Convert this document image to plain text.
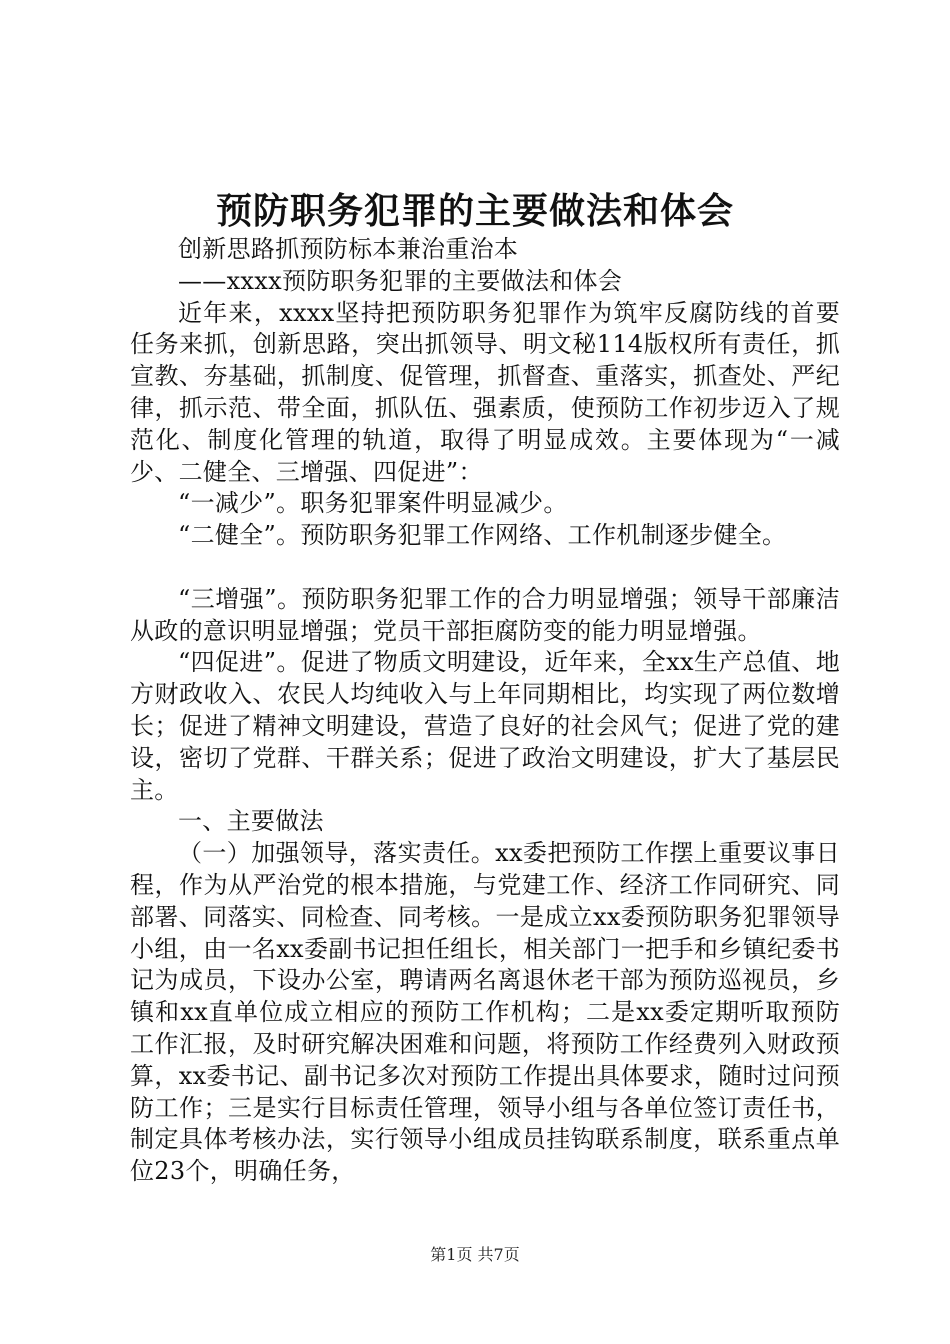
预防职务犯罪的主要做法和体会

创新思路抓预防标本兼治重治本

——xxxx预防职务犯罪的主要做法和体会

近年来，xxxx坚持把预防职务犯罪作为筑牢反腐防线的首要任务来抓，创新思路，突出抓领导、明文秘114版权所有责任，抓宣教、夯基础，抓制度、促管理，抓督查、重落实，抓查处、严纪律，抓示范、带全面，抓队伍、强素质，使预防工作初步迈入了规范化、制度化管理的轨道，取得了明显成效。主要体现为“一减少、二健全、三增强、四促进”：

“一减少”。职务犯罪案件明显减少。

“二健全”。预防职务犯罪工作网络、工作机制逐步健全。

“三增强”。预防职务犯罪工作的合力明显增强；领导干部廉洁从政的意识明显增强；党员干部拒腐防变的能力明显增强。

“四促进”。促进了物质文明建设，近年来，全xx生产总值、地方财政收入、农民人均纯收入与上年同期相比，均实现了两位数增长；促进了精神文明建设，营造了良好的社会风气；促进了党的建设，密切了党群、干群关系；促进了政治文明建设，扩大了基层民主。

一、主要做法

（一）加强领导，落实责任。xx委把预防工作摆上重要议事日程，作为从严治党的根本措施，与党建工作、经济工作同研究、同部署、同落实、同检查、同考核。一是成立xx委预防职务犯罪领导小组，由一名xx委副书记担任组长，相关部门一把手和乡镇纪委书记为成员，下设办公室，聘请两名离退休老干部为预防巡视员，乡镇和xx直单位成立相应的预防工作机构；二是xx委定期听取预防工作汇报，及时研究解决困难和问题，将预防工作经费列入财政预算，xx委书记、副书记多次对预防工作提出具体要求，随时过问预防工作；三是实行目标责任管理，领导小组与各单位签订责任书，制定具体考核办法，实行领导小组成员挂钩联系制度，联系重点单位23个，明确任务，

第1页 共7页
